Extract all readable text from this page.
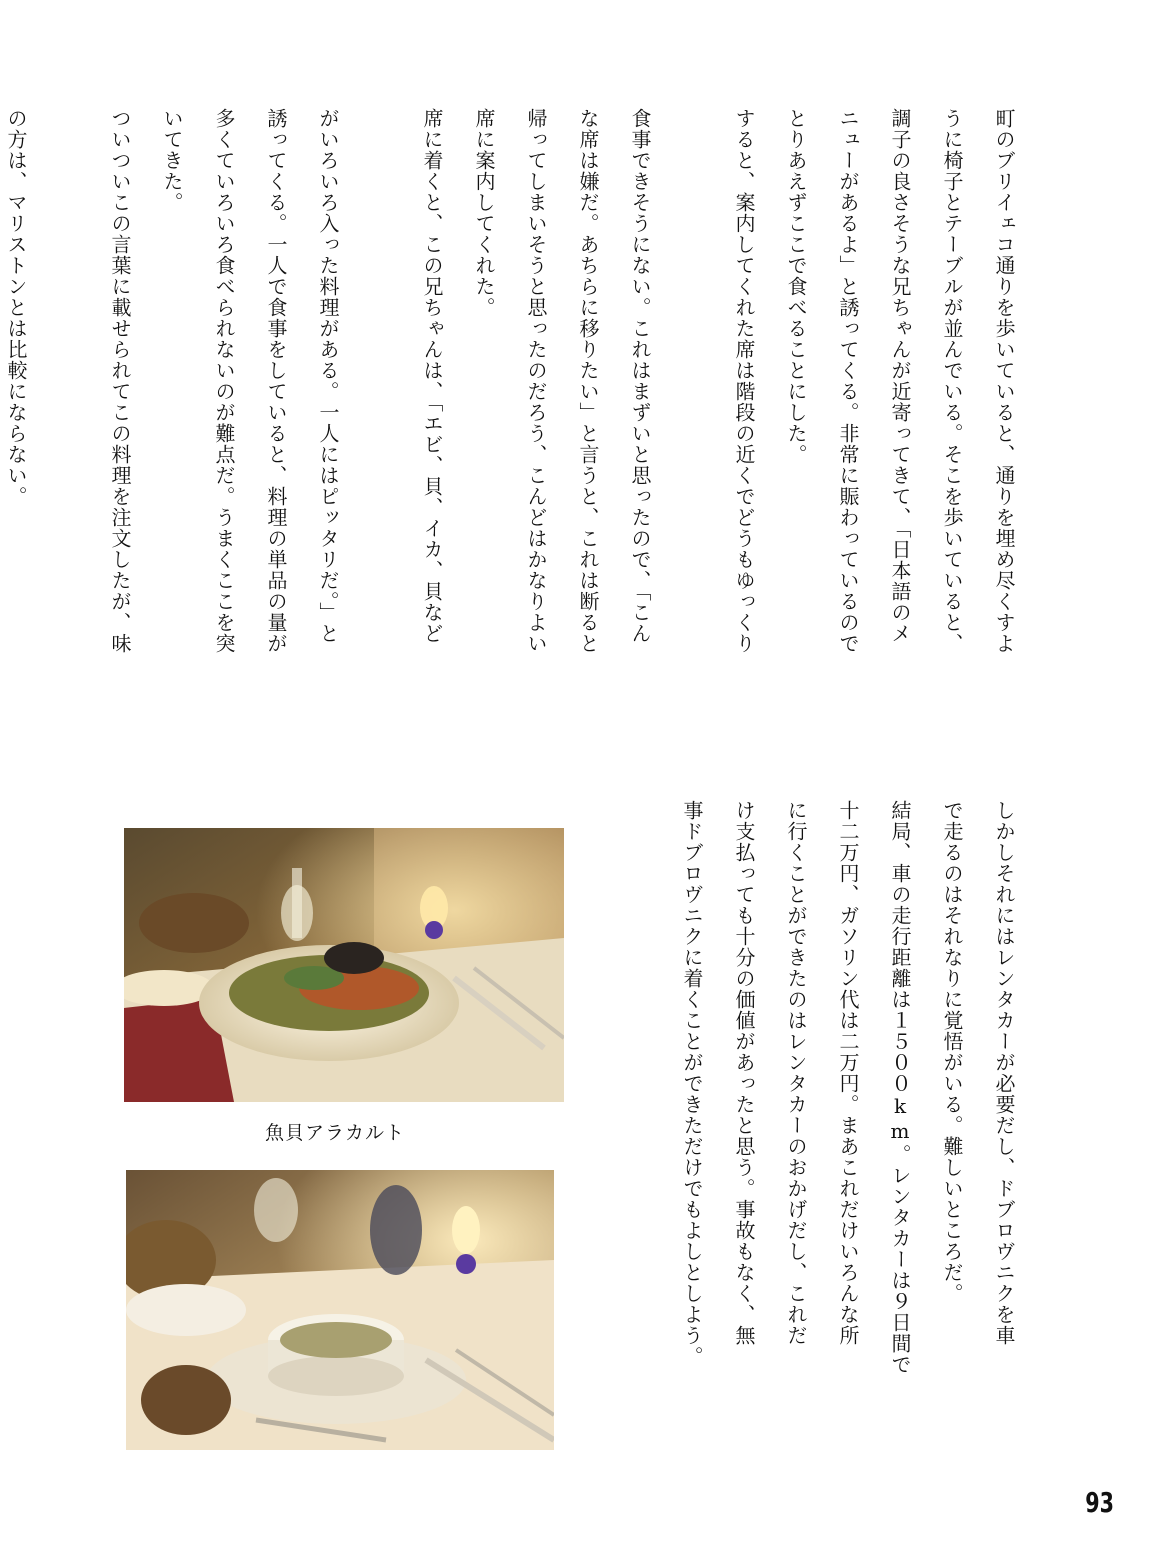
町のブリイェコ通りを歩いていると、通りを埋め尽くすよ

うに椅子とテーブルが並んでいる。そこを歩いていると、

調子の良さそうな兄ちゃんが近寄ってきて、「日本語のメ

ニューがあるよ」と誘ってくる。非常に賑わっているので

とりあえずここで食べることにした。

すると、案内してくれた席は階段の近くでどうもゆっくり

食事できそうにない。これはまずいと思ったので、「こん

な席は嫌だ。あちらに移りたい」と言うと、これは断ると

帰ってしまいそうと思ったのだろう、こんどはかなりよい

席に案内してくれた。

席に着くと、この兄ちゃんは、「エビ、貝、イカ、貝など

がいろいろ入った料理がある。一人にはピッタリだ。」と

誘ってくる。一人で食事をしていると、料理の単品の量が

多くていろいろ食べられないのが難点だ。うまくここを突

いてきた。

ついついこの言葉に載せられてこの料理を注文したが、味

の方は、マリストンとは比較にならない。

しかしそれにはレンタカーが必要だし、ドブロヴニクを車

で走るのはそれなりに覚悟がいる。難しいところだ。

結局、車の走行距離は１５００km。レンタカーは９日間で

十二万円、ガソリン代は二万円。まあこれだけいろんな所

に行くことができたのはレンタカーのおかげだし、これだ

け支払っても十分の価値があったと思う。事故もなく、無

事ドブロヴニクに着くことができただけでもよしとしよう。

魚貝アラカルト
93
